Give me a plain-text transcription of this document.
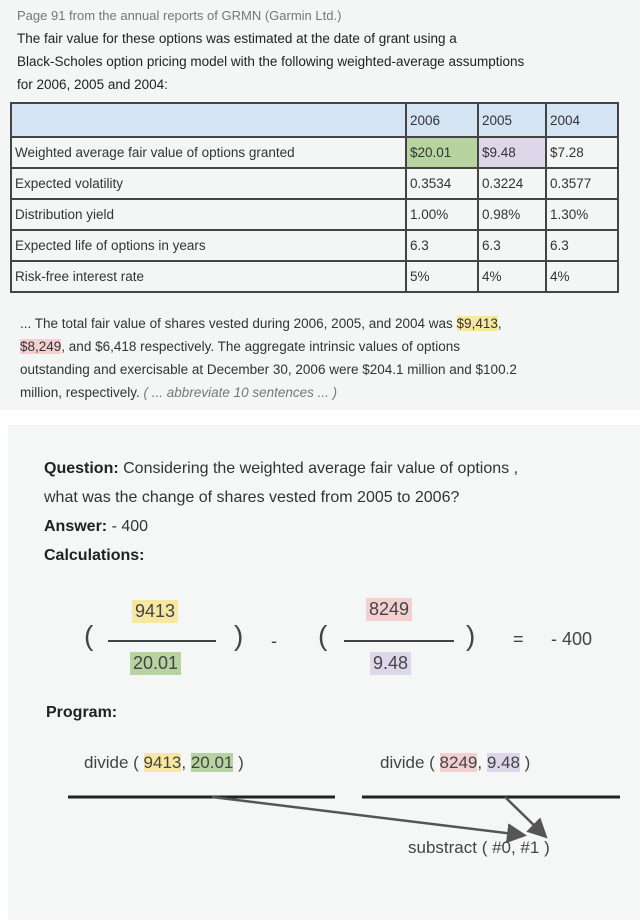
Page 91 from the annual reports of GRMN (Garmin Ltd.)
The fair value for these options was estimated at the date of grant using a
Black-Scholes option pricing model with the following weighted-average assumptions
for 2006, 2005 and 2004:
	2006	2005	2004
Weighted average fair value of options granted	$20.01	$9.48	$7.28
Expected volatility	0.3534	0.3224	0.3577
Distribution yield	1.00%	0.98%	1.30%
Expected life of options in years	6.3	6.3	6.3
Risk-free interest rate	5%	4%	4%
... The total fair value of shares vested during 2006, 2005, and 2004 was $9,413,
$8,249, and $6,418 respectively. The aggregate intrinsic values of options
outstanding and exercisable at December 30, 2006 were $204.1 million and $100.2
million, respectively. ( ... abbreviate 10 sentences ... )
Question: Considering the weighted average fair value of options ,
what was the change of shares vested from 2005 to 2006?
Answer: - 400
Calculations:
(
9413
20.01
) - (
8249
9.48
) = - 400
Program:
divide ( 9413, 20.01 )	divide ( 8249, 9.48 )
substract ( #0, #1 )
